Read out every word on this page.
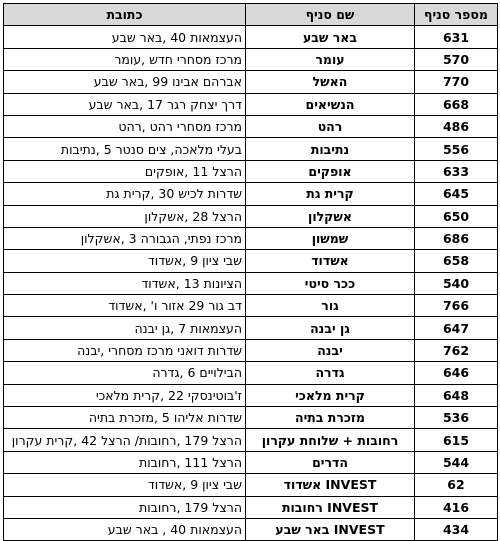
מספר סניף	שם סניף	כתובת
631	באר שבע	העצמאות 40 ,באר שבע
570	עומר	מרכז מסחרי חדש ,עומר
770	האשל	אברהם אבינו 99 ,באר שבע
668	הנשיאים	דרך יצחק רגר 17 ,באר שבע
486	רהט	מרכז מסחרי רהט ,רהט
556	נתיבות	בעלי מלאכה, צים סנטר 5 ,נתיבות
633	אופקים	הרצל 11 ,אופקים
645	קרית גת	שדרות לכיש 30 ,קרית גת
650	אשקלון	הרצל 28 ,אשקלון
686	שמשון	מרכז נפתי, הגבורה 3 ,אשקלון
658	אשדוד	שבי ציון 9 ,אשדוד
540	ככר סיטי	הציונות 13 ,אשדוד
766	גור	דב גור 29 אזור ו' ,אשדוד
647	גן יבנה	העצמאות 7 ,גן יבנה
762	יבנה	שדרות דואני מרכז מסחרי ,יבנה
646	גדרה	הבילויים 6 ,גדרה
648	קרית מלאכי	ז'בוטינסקי 22 ,קרית מלאכי
536	מזכרת בתיה	שדרות אליהו 5 ,מזכרת בתיה
615	רחובות + שלוחת עקרון	הרצל 179 ,רחובות/ הרצל 42 ,קרית עקרון
544	הדרים	הרצל 111 ,רחובות
62	INVEST אשדוד	שבי ציון 9 ,אשדוד
416	INVEST רחובות	הרצל 179 ,רחובות
434	INVEST באר שבע	העצמאות 40 , באר שבע
